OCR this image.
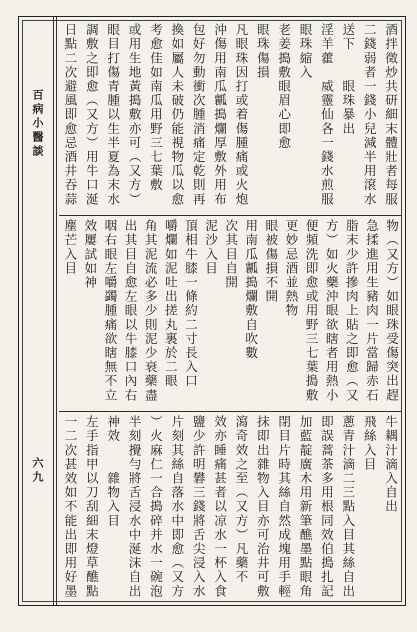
百病小醫談
六九
酒拌徵炒共研細末體壯者每服
二錢弱者一錢小兒減半用滾水
送下　　眼珠暴出
淫羊藿　威靈仙各一錢水煎服
眼珠縮入
老姜搗敷眼眉心即愈
眼珠傷損
凡眼珠因打或着傷腫痛或火炮
沖傷用南瓜瓤搗爛厚敷外用布
包好勿動衝次腫消痛定乾則再
換如屬人未破仍能視物瓜以愈
考愈佳如南瓜用野三七葉敷
或用生地黃搗敷亦可（又方）
眼目打傷青腫以生半夏為末水
調敷之即愈（又方）用牛口涎
日點二次避風即愈忌酒井吞蒜
物（又方）如眼珠受傷突出趕
急揉進用生豬肉一片當歸赤石
脂末少許摻肉上貼之即愈（又
方）如火藥沖眼欲瞎者用熱小
便頻洗即愈或用野三七葉搗敷
更妙忌酒並熱物
眼被傷損不開
用南瓜瓤搗爛敷自吹數
次其目自開
泥沙入目
頂相牛膝一條約二寸長入口
嚼爛如泥吐出搓丸裏於二眼
角其泥流必多少則泥少衰藥盡
出其目自愈左眼以牛膝口內右
咽右眼左嚼蠲腫痛欲瞎無不立
效屢試如神
塵芒入目
牛耦汁滴入自出
飛絲入目
蔥青汁滴二三點入目其絲自出
即誤蒿茶多用根同效伯搗扎記
加藍靛廣木用新筆醮墨點眼角
閉目片時其絲自然成塊用手輕
抹即出雜物入目亦可治井可敷
瀉奇效之至（又方）凡藥不
效亦睡痛甚者以凉水一杯入食
鹽少許明礬三錢將舌尖浸入水
片刻其絲自落水中即愈（又方
）火麻仁一合搗碎并水一碗泡
半刻攪勻將舌浸水中涎沫自出
神效　　雜物入目
左手指甲以刀刮細末燈草醮點
一二次甚效如不能出即用好墨
